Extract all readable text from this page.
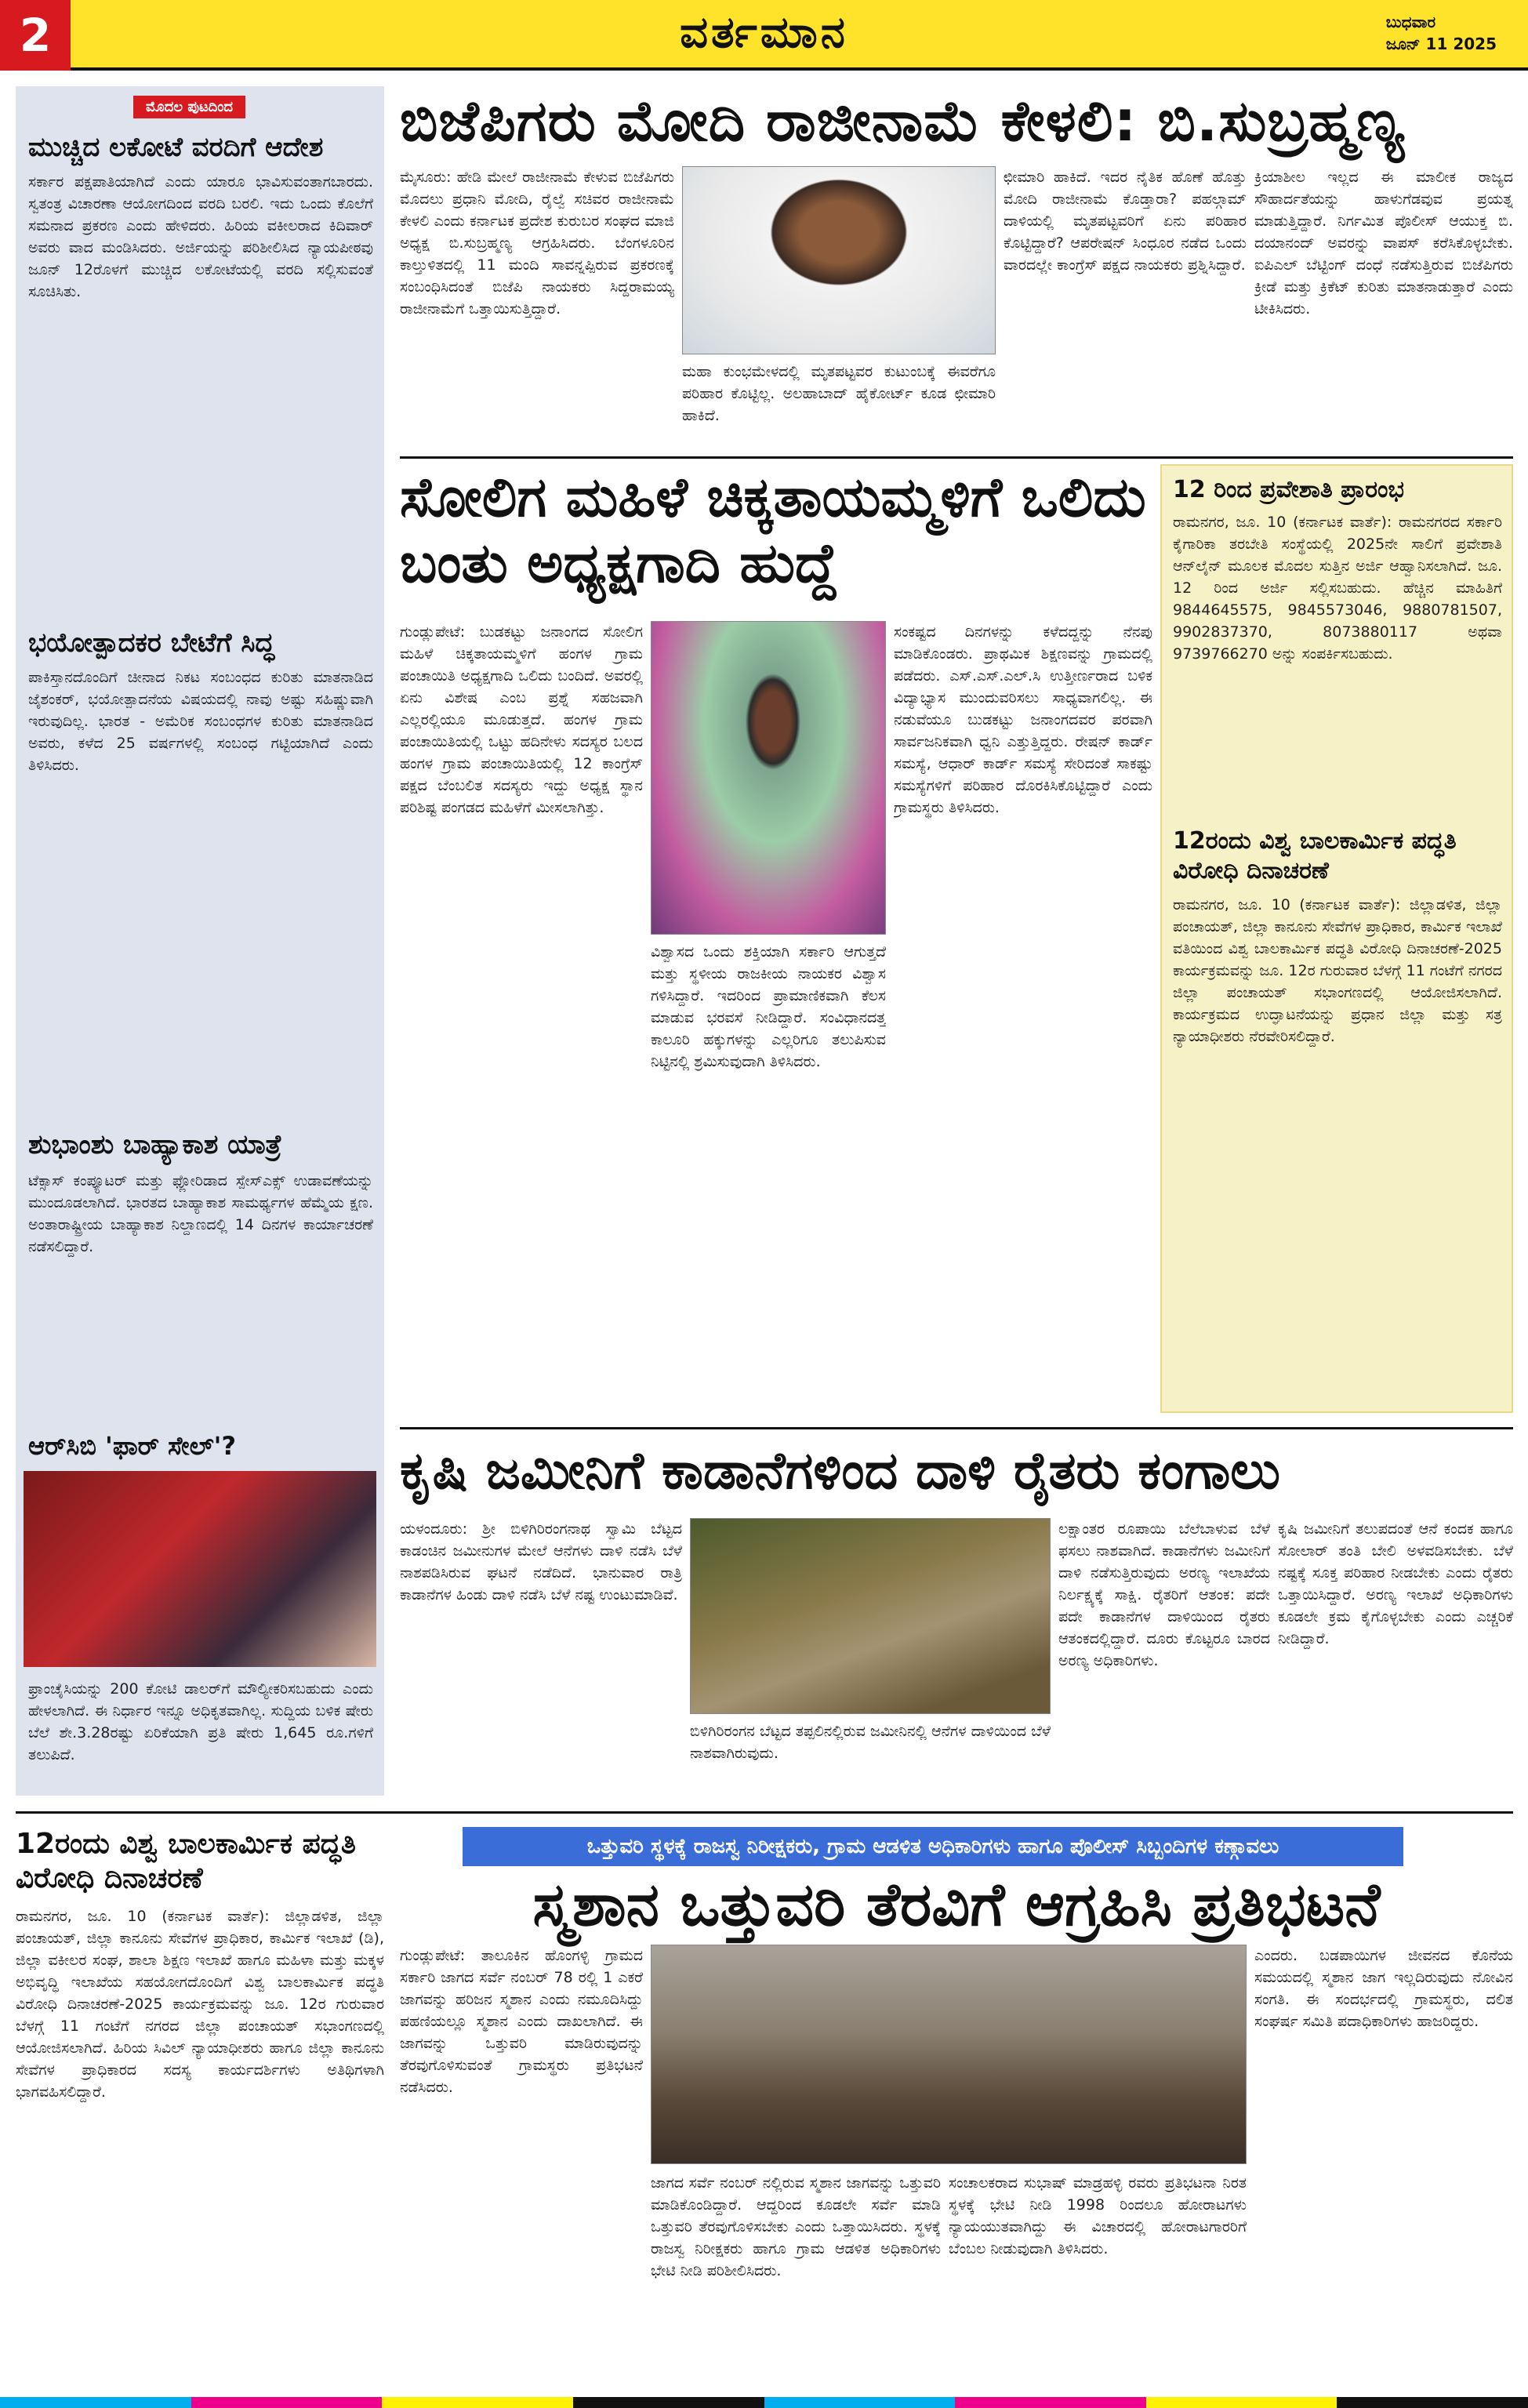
2	ವರ್ತಮಾನ	ಬುಧವಾರ
ಜೂನ್ 11 2025
ಮೊದಲ ಪುಟದಿಂದ
ಮುಚ್ಚಿದ ಲಕೋಟೆ ವರದಿಗೆ ಆದೇಶ
ಸರ್ಕಾರ ಪಕ್ಷಪಾತಿಯಾಗಿದೆ ಎಂದು ಯಾರೂ ಭಾವಿಸುವಂತಾಗಬಾರದು. ಸ್ವತಂತ್ರ ವಿಚಾರಣಾ ಆಯೋಗದಿಂದ ವರದಿ ಬರಲಿ. ಇದು ಒಂದು ಕೊಲೆಗೆ ಸಮನಾದ ಪ್ರಕರಣ ಎಂದು ಹೇಳಿದರು. ಹಿರಿಯ ವಕೀಲರಾದ ಕಿದಿವಾರ್ ಅವರು ವಾದ ಮಂಡಿಸಿದರು. ಅರ್ಜಿಯನ್ನು ಪರಿಶೀಲಿಸಿದ ನ್ಯಾಯಪೀಠವು ಜೂನ್ 12ರೊಳಗೆ ಮುಚ್ಚಿದ ಲಕೋಟೆಯಲ್ಲಿ ವರದಿ ಸಲ್ಲಿಸುವಂತೆ ಸೂಚಿಸಿತು.
ಭಯೋತ್ಪಾದಕರ ಬೇಟೆಗೆ ಸಿದ್ಧ
ಪಾಕಿಸ್ತಾನದೊಂದಿಗೆ ಚೀನಾದ ನಿಕಟ ಸಂಬಂಧದ ಕುರಿತು ಮಾತನಾಡಿದ ಜೈಶಂಕರ್, ಭಯೋತ್ಪಾದನೆಯ ವಿಷಯದಲ್ಲಿ ನಾವು ಅಷ್ಟು ಸಹಿಷ್ಣುವಾಗಿ ಇರುವುದಿಲ್ಲ. ಭಾರತ - ಅಮೆರಿಕ ಸಂಬಂಧಗಳ ಕುರಿತು ಮಾತನಾಡಿದ ಅವರು, ಕಳೆದ 25 ವರ್ಷಗಳಲ್ಲಿ ಸಂಬಂಧ ಗಟ್ಟಿಯಾಗಿದೆ ಎಂದು ತಿಳಿಸಿದರು.
ಶುಭಾಂಶು ಬಾಹ್ಯಾಕಾಶ ಯಾತ್ರೆ
ಟೆಕ್ಸಾಸ್ ಕಂಪ್ಯೂಟರ್ ಮತ್ತು ಫ್ಲೋರಿಡಾದ ಸ್ಪೇಸ್‌ಎಕ್ಸ್ ಉಡಾವಣೆಯನ್ನು ಮುಂದೂಡಲಾಗಿದೆ. ಭಾರತದ ಬಾಹ್ಯಾಕಾಶ ಸಾಮರ್ಥ್ಯಗಳ ಹೆಮ್ಮೆಯ ಕ್ಷಣ. ಅಂತಾರಾಷ್ಟ್ರೀಯ ಬಾಹ್ಯಾಕಾಶ ನಿಲ್ದಾಣದಲ್ಲಿ 14 ದಿನಗಳ ಕಾರ್ಯಾಚರಣೆ ನಡೆಸಲಿದ್ದಾರೆ.
ಆರ್‌ಸಿಬಿ 'ಫಾರ್ ಸೇಲ್'?
ಫ್ರಾಂಚೈಸಿಯನ್ನು 200 ಕೋಟಿ ಡಾಲರ್‌ಗೆ ಮೌಲ್ಯೀಕರಿಸಬಹುದು ಎಂದು ಹೇಳಲಾಗಿದೆ. ಈ ನಿರ್ಧಾರ ಇನ್ನೂ ಅಧಿಕೃತವಾಗಿಲ್ಲ. ಸುದ್ದಿಯ ಬಳಿಕ ಷೇರು ಬೆಲೆ ಶೇ.3.28ರಷ್ಟು ಏರಿಕೆಯಾಗಿ ಪ್ರತಿ ಷೇರು 1,645 ರೂ.ಗಳಿಗೆ ತಲುಪಿದೆ.
ಬಿಜೆಪಿಗರು ಮೋದಿ ರಾಜೀನಾಮೆ ಕೇಳಲಿ: ಬಿ.ಸುಬ್ರಹ್ಮಣ್ಯ
ಮೈಸೂರು: ಹೇಡಿ ಮೇಲೆ ರಾಜೀನಾಮೆ ಕೇಳುವ ಬಿಜೆಪಿಗರು ಮೊದಲು ಪ್ರಧಾನಿ ಮೋದಿ, ರೈಲ್ವೆ ಸಚಿವರ ರಾಜೀನಾಮೆ ಕೇಳಲಿ ಎಂದು ಕರ್ನಾಟಕ ಪ್ರದೇಶ ಕುರುಬರ ಸಂಘದ ಮಾಜಿ ಅಧ್ಯಕ್ಷ ಬಿ.ಸುಬ್ರಹ್ಮಣ್ಯ ಆಗ್ರಹಿಸಿದರು. ಬೆಂಗಳೂರಿನ ಕಾಲ್ತುಳಿತದಲ್ಲಿ 11 ಮಂದಿ ಸಾವನ್ನಪ್ಪಿರುವ ಪ್ರಕರಣಕ್ಕೆ ಸಂಬಂಧಿಸಿದಂತೆ ಬಿಜೆಪಿ ನಾಯಕರು ಸಿದ್ದರಾಮಯ್ಯ ರಾಜೀನಾಮೆಗೆ ಒತ್ತಾಯಿಸುತ್ತಿದ್ದಾರೆ.
ಮಹಾ ಕುಂಭಮೇಳದಲ್ಲಿ ಮೃತಪಟ್ಟವರ ಕುಟುಂಬಕ್ಕೆ ಈವರೆಗೂ ಪರಿಹಾರ ಕೊಟ್ಟಿಲ್ಲ. ಅಲಹಾಬಾದ್ ಹೈಕೋರ್ಟ್ ಕೂಡ ಛೀಮಾರಿ ಹಾಕಿದೆ.
ಛೀಮಾರಿ ಹಾಕಿದೆ. ಇದರ ನೈತಿಕ ಹೊಣೆ ಹೊತ್ತು ಮೋದಿ ರಾಜೀನಾಮೆ ಕೊಡ್ತಾರಾ? ಪಹಲ್ಗಾಮ್ ದಾಳಿಯಲ್ಲಿ ಮೃತಪಟ್ಟವರಿಗೆ ಏನು ಪರಿಹಾರ ಕೊಟ್ಟಿದ್ದಾರೆ? ಆಪರೇಷನ್ ಸಿಂಧೂರ ನಡೆದ ಒಂದು ವಾರದಲ್ಲೇ ಕಾಂಗ್ರೆಸ್ ಪಕ್ಷದ ನಾಯಕರು ಪ್ರಶ್ನಿಸಿದ್ದಾರೆ.
ಕ್ರಿಯಾಶೀಲ ಇಲ್ಲದ ಈ ಮಾಲೀಕ ರಾಜ್ಯದ ಸೌಹಾರ್ದತೆಯನ್ನು ಹಾಳುಗೆಡವುವ ಪ್ರಯತ್ನ ಮಾಡುತ್ತಿದ್ದಾರೆ. ನಿರ್ಗಮಿತ ಪೊಲೀಸ್ ಆಯುಕ್ತ ಬಿ. ದಯಾನಂದ್ ಅವರನ್ನು ವಾಪಸ್ ಕರೆಸಿಕೊಳ್ಳಬೇಕು. ಐಪಿಎಲ್ ಬೆಟ್ಟಿಂಗ್ ದಂಧೆ ನಡೆಸುತ್ತಿರುವ ಬಿಜೆಪಿಗರು ಕ್ರೀಡೆ ಮತ್ತು ಕ್ರಿಕೆಟ್ ಕುರಿತು ಮಾತನಾಡುತ್ತಾರೆ ಎಂದು ಟೀಕಿಸಿದರು.
ಸೋಲಿಗ ಮಹಿಳೆ ಚಿಕ್ಕತಾಯಮ್ಮಳಿಗೆ ಒಲಿದು ಬಂತು ಅಧ್ಯಕ್ಷಗಾದಿ ಹುದ್ದೆ
ಗುಂಡ್ಲುಪೇಟೆ: ಬುಡಕಟ್ಟು ಜನಾಂಗದ ಸೋಲಿಗ ಮಹಿಳೆ ಚಿಕ್ಕತಾಯಮ್ಮಳಿಗೆ ಹಂಗಳ ಗ್ರಾಮ ಪಂಚಾಯಿತಿ ಅಧ್ಯಕ್ಷಗಾದಿ ಒಲಿದು ಬಂದಿದೆ. ಅವರಲ್ಲಿ ಏನು ವಿಶೇಷ ಎಂಬ ಪ್ರಶ್ನೆ ಸಹಜವಾಗಿ ಎಲ್ಲರಲ್ಲಿಯೂ ಮೂಡುತ್ತದೆ. ಹಂಗಳ ಗ್ರಾಮ ಪಂಚಾಯಿತಿಯಲ್ಲಿ ಒಟ್ಟು ಹದಿನೇಳು ಸದಸ್ಯರ ಬಲದ ಹಂಗಳ ಗ್ರಾಮ ಪಂಚಾಯಿತಿಯಲ್ಲಿ 12 ಕಾಂಗ್ರೆಸ್ ಪಕ್ಷದ ಬೆಂಬಲಿತ ಸದಸ್ಯರು ಇದ್ದು ಅಧ್ಯಕ್ಷ ಸ್ಥಾನ ಪರಿಶಿಷ್ಟ ಪಂಗಡದ ಮಹಿಳೆಗೆ ಮೀಸಲಾಗಿತ್ತು.
ವಿಶ್ವಾಸದ ಒಂದು ಶಕ್ತಿಯಾಗಿ ಸರ್ಕಾರಿ ಆಗುತ್ತದೆ ಮತ್ತು ಸ್ಥಳೀಯ ರಾಜಕೀಯ ನಾಯಕರ ವಿಶ್ವಾಸ ಗಳಿಸಿದ್ದಾರೆ. ಇದರಿಂದ ಪ್ರಾಮಾಣಿಕವಾಗಿ ಕೆಲಸ ಮಾಡುವ ಭರವಸೆ ನೀಡಿದ್ದಾರೆ. ಸಂವಿಧಾನದತ್ತ ಕಾಲೂರಿ ಹಕ್ಕುಗಳನ್ನು ಎಲ್ಲರಿಗೂ ತಲುಪಿಸುವ ನಿಟ್ಟಿನಲ್ಲಿ ಶ್ರಮಿಸುವುದಾಗಿ ತಿಳಿಸಿದರು.
ಸಂಕಷ್ಟದ ದಿನಗಳನ್ನು ಕಳೆದದ್ದನ್ನು ನೆನಪು ಮಾಡಿಕೊಂಡರು. ಪ್ರಾಥಮಿಕ ಶಿಕ್ಷಣವನ್ನು ಗ್ರಾಮದಲ್ಲಿ ಪಡೆದರು. ಎಸ್.ಎಸ್.ಎಲ್.ಸಿ ಉತ್ತೀರ್ಣರಾದ ಬಳಿಕ ವಿದ್ಯಾಭ್ಯಾಸ ಮುಂದುವರಿಸಲು ಸಾಧ್ಯವಾಗಲಿಲ್ಲ. ಈ ನಡುವೆಯೂ ಬುಡಕಟ್ಟು ಜನಾಂಗದವರ ಪರವಾಗಿ ಸಾರ್ವಜನಿಕವಾಗಿ ಧ್ವನಿ ಎತ್ತುತ್ತಿದ್ದರು. ರೇಷನ್ ಕಾರ್ಡ್ ಸಮಸ್ಯೆ, ಆಧಾರ್ ಕಾರ್ಡ್ ಸಮಸ್ಯೆ ಸೇರಿದಂತೆ ಸಾಕಷ್ಟು ಸಮಸ್ಯೆಗಳಿಗೆ ಪರಿಹಾರ ದೊರಕಿಸಿಕೊಟ್ಟಿದ್ದಾರೆ ಎಂದು ಗ್ರಾಮಸ್ಥರು ತಿಳಿಸಿದರು.
12 ರಿಂದ ಪ್ರವೇಶಾತಿ ಪ್ರಾರಂಭ
ರಾಮನಗರ, ಜೂ. 10 (ಕರ್ನಾಟಕ ವಾರ್ತೆ): ರಾಮನಗರದ ಸರ್ಕಾರಿ ಕೈಗಾರಿಕಾ ತರಬೇತಿ ಸಂಸ್ಥೆಯಲ್ಲಿ 2025ನೇ ಸಾಲಿಗೆ ಪ್ರವೇಶಾತಿ ಆನ್‌ಲೈನ್ ಮೂಲಕ ಮೊದಲ ಸುತ್ತಿನ ಅರ್ಜಿ ಆಹ್ವಾನಿಸಲಾಗಿದೆ. ಜೂ. 12 ರಿಂದ ಅರ್ಜಿ ಸಲ್ಲಿಸಬಹುದು. ಹೆಚ್ಚಿನ ಮಾಹಿತಿಗೆ 9844645575, 9845573046, 9880781507, 9902837370, 8073880117 ಅಥವಾ 9739766270 ಅನ್ನು ಸಂಪರ್ಕಿಸಬಹುದು.
12ರಂದು ವಿಶ್ವ ಬಾಲಕಾರ್ಮಿಕ ಪದ್ಧತಿ ವಿರೋಧಿ ದಿನಾಚರಣೆ
ರಾಮನಗರ, ಜೂ. 10 (ಕರ್ನಾಟಕ ವಾರ್ತೆ): ಜಿಲ್ಲಾಡಳಿತ, ಜಿಲ್ಲಾ ಪಂಚಾಯತ್, ಜಿಲ್ಲಾ ಕಾನೂನು ಸೇವೆಗಳ ಪ್ರಾಧಿಕಾರ, ಕಾರ್ಮಿಕ ಇಲಾಖೆ ವತಿಯಿಂದ ವಿಶ್ವ ಬಾಲಕಾರ್ಮಿಕ ಪದ್ಧತಿ ವಿರೋಧಿ ದಿನಾಚರಣೆ-2025 ಕಾರ್ಯಕ್ರಮವನ್ನು ಜೂ. 12ರ ಗುರುವಾರ ಬೆಳಗ್ಗೆ 11 ಗಂಟೆಗೆ ನಗರದ ಜಿಲ್ಲಾ ಪಂಚಾಯತ್ ಸಭಾಂಗಣದಲ್ಲಿ ಆಯೋಜಿಸಲಾಗಿದೆ. ಕಾರ್ಯಕ್ರಮದ ಉದ್ಘಾಟನೆಯನ್ನು ಪ್ರಧಾನ ಜಿಲ್ಲಾ ಮತ್ತು ಸತ್ರ ನ್ಯಾಯಾಧೀಶರು ನೆರವೇರಿಸಲಿದ್ದಾರೆ.
ಕೃಷಿ ಜಮೀನಿಗೆ ಕಾಡಾನೆಗಳಿಂದ ದಾಳಿ ರೈತರು ಕಂಗಾಲು
ಯಳಂದೂರು: ಶ್ರೀ ಬಿಳಿಗಿರಿರಂಗನಾಥ ಸ್ವಾಮಿ ಬೆಟ್ಟದ ಕಾಡಂಚಿನ ಜಮೀನುಗಳ ಮೇಲೆ ಆನೆಗಳು ದಾಳಿ ನಡೆಸಿ ಬೆಳೆ ನಾಶಪಡಿಸಿರುವ ಘಟನೆ ನಡೆದಿದೆ. ಭಾನುವಾರ ರಾತ್ರಿ ಕಾಡಾನೆಗಳ ಹಿಂಡು ದಾಳಿ ನಡೆಸಿ ಬೆಳೆ ನಷ್ಟ ಉಂಟುಮಾಡಿವೆ.
ಬಿಳಿಗಿರಿರಂಗನ ಬೆಟ್ಟದ ತಪ್ಪಲಿನಲ್ಲಿರುವ ಜಮೀನಿನಲ್ಲಿ ಆನೆಗಳ ದಾಳಿಯಿಂದ ಬೆಳೆ ನಾಶವಾಗಿರುವುದು.
ಲಕ್ಷಾಂತರ ರೂಪಾಯಿ ಬೆಲೆಬಾಳುವ ಬೆಳೆ ಫಸಲು ನಾಶವಾಗಿದೆ. ಕಾಡಾನೆಗಳು ಜಮೀನಿಗೆ ದಾಳಿ ನಡೆಸುತ್ತಿರುವುದು ಅರಣ್ಯ ಇಲಾಖೆಯ ನಿರ್ಲಕ್ಷ್ಯಕ್ಕೆ ಸಾಕ್ಷಿ. ರೈತರಿಗೆ ಆತಂಕ: ಪದೇ ಪದೇ ಕಾಡಾನೆಗಳ ದಾಳಿಯಿಂದ ರೈತರು ಆತಂಕದಲ್ಲಿದ್ದಾರೆ. ದೂರು ಕೊಟ್ಟರೂ ಬಾರದ ಅರಣ್ಯ ಅಧಿಕಾರಿಗಳು.
ಕೃಷಿ ಜಮೀನಿಗೆ ತಲುಪದಂತೆ ಆನೆ ಕಂದಕ ಹಾಗೂ ಸೋಲಾರ್ ತಂತಿ ಬೇಲಿ ಅಳವಡಿಸಬೇಕು. ಬೆಳೆ ನಷ್ಟಕ್ಕೆ ಸೂಕ್ತ ಪರಿಹಾರ ನೀಡಬೇಕು ಎಂದು ರೈತರು ಒತ್ತಾಯಿಸಿದ್ದಾರೆ. ಅರಣ್ಯ ಇಲಾಖೆ ಅಧಿಕಾರಿಗಳು ಕೂಡಲೇ ಕ್ರಮ ಕೈಗೊಳ್ಳಬೇಕು ಎಂದು ಎಚ್ಚರಿಕೆ ನೀಡಿದ್ದಾರೆ.
12ರಂದು ವಿಶ್ವ ಬಾಲಕಾರ್ಮಿಕ ಪದ್ಧತಿ ವಿರೋಧಿ ದಿನಾಚರಣೆ
ರಾಮನಗರ, ಜೂ. 10 (ಕರ್ನಾಟಕ ವಾರ್ತೆ): ಜಿಲ್ಲಾಡಳಿತ, ಜಿಲ್ಲಾ ಪಂಚಾಯತ್, ಜಿಲ್ಲಾ ಕಾನೂನು ಸೇವೆಗಳ ಪ್ರಾಧಿಕಾರ, ಕಾರ್ಮಿಕ ಇಲಾಖೆ (ಡಿ), ಜಿಲ್ಲಾ ವಕೀಲರ ಸಂಘ, ಶಾಲಾ ಶಿಕ್ಷಣ ಇಲಾಖೆ ಹಾಗೂ ಮಹಿಳಾ ಮತ್ತು ಮಕ್ಕಳ ಅಭಿವೃದ್ಧಿ ಇಲಾಖೆಯ ಸಹಯೋಗದೊಂದಿಗೆ ವಿಶ್ವ ಬಾಲಕಾರ್ಮಿಕ ಪದ್ಧತಿ ವಿರೋಧಿ ದಿನಾಚರಣೆ-2025 ಕಾರ್ಯಕ್ರಮವನ್ನು ಜೂ. 12ರ ಗುರುವಾರ ಬೆಳಗ್ಗೆ 11 ಗಂಟೆಗೆ ನಗರದ ಜಿಲ್ಲಾ ಪಂಚಾಯತ್ ಸಭಾಂಗಣದಲ್ಲಿ ಆಯೋಜಿಸಲಾಗಿದೆ. ಹಿರಿಯ ಸಿವಿಲ್ ನ್ಯಾಯಾಧೀಶರು ಹಾಗೂ ಜಿಲ್ಲಾ ಕಾನೂನು ಸೇವೆಗಳ ಪ್ರಾಧಿಕಾರದ ಸದಸ್ಯ ಕಾರ್ಯದರ್ಶಿಗಳು ಅತಿಥಿಗಳಾಗಿ ಭಾಗವಹಿಸಲಿದ್ದಾರೆ.
ಒತ್ತುವರಿ ಸ್ಥಳಕ್ಕೆ ರಾಜಸ್ವ ನಿರೀಕ್ಷಕರು, ಗ್ರಾಮ ಆಡಳಿತ ಅಧಿಕಾರಿಗಳು ಹಾಗೂ ಪೊಲೀಸ್ ಸಿಬ್ಬಂದಿಗಳ ಕಣ್ಗಾವಲು
ಸ್ಮಶಾನ ಒತ್ತುವರಿ ತೆರವಿಗೆ ಆಗ್ರಹಿಸಿ ಪ್ರತಿಭಟನೆ
ಗುಂಡ್ಲುಪೇಟೆ: ತಾಲೂಕಿನ ಹೊಂಗಳ್ಳಿ ಗ್ರಾಮದ ಸರ್ಕಾರಿ ಜಾಗದ ಸರ್ವೆ ನಂಬರ್ 78 ರಲ್ಲಿ 1 ಎಕರೆ ಜಾಗವನ್ನು ಹರಿಜನ ಸ್ಮಶಾನ ಎಂದು ನಮೂದಿಸಿದ್ದು ಪಹಣಿಯಲ್ಲೂ ಸ್ಮಶಾನ ಎಂದು ದಾಖಲಾಗಿದೆ. ಈ ಜಾಗವನ್ನು ಒತ್ತುವರಿ ಮಾಡಿರುವುದನ್ನು ತೆರವುಗೊಳಿಸುವಂತೆ ಗ್ರಾಮಸ್ಥರು ಪ್ರತಿಭಟನೆ ನಡೆಸಿದರು.
ಜಾಗದ ಸರ್ವೆ ನಂಬರ್ ನಲ್ಲಿರುವ ಸ್ಮಶಾನ ಜಾಗವನ್ನು ಒತ್ತುವರಿ ಮಾಡಿಕೊಂಡಿದ್ದಾರೆ. ಆದ್ದರಿಂದ ಕೂಡಲೇ ಸರ್ವೆ ಮಾಡಿ ಒತ್ತುವರಿ ತೆರವುಗೊಳಿಸಬೇಕು ಎಂದು ಒತ್ತಾಯಿಸಿದರು. ಸ್ಥಳಕ್ಕೆ ರಾಜಸ್ವ ನಿರೀಕ್ಷಕರು ಹಾಗೂ ಗ್ರಾಮ ಆಡಳಿತ ಅಧಿಕಾರಿಗಳು ಭೇಟಿ ನೀಡಿ ಪರಿಶೀಲಿಸಿದರು.
ಸಂಚಾಲಕರಾದ ಸುಭಾಷ್ ಮಾಡ್ರಹಳ್ಳಿ ರವರು ಪ್ರತಿಭಟನಾ ನಿರತ ಸ್ಥಳಕ್ಕೆ ಭೇಟಿ ನೀಡಿ 1998 ರಿಂದಲೂ ಹೋರಾಟಗಳು ನ್ಯಾಯಯುತವಾಗಿದ್ದು ಈ ವಿಚಾರದಲ್ಲಿ ಹೋರಾಟಗಾರರಿಗೆ ಬೆಂಬಲ ನೀಡುವುದಾಗಿ ತಿಳಿಸಿದರು.
ಎಂದರು. ಬಡಪಾಯಿಗಳ ಜೀವನದ ಕೊನೆಯ ಸಮಯದಲ್ಲಿ ಸ್ಮಶಾನ ಜಾಗ ಇಲ್ಲದಿರುವುದು ನೋವಿನ ಸಂಗತಿ. ಈ ಸಂದರ್ಭದಲ್ಲಿ ಗ್ರಾಮಸ್ಥರು, ದಲಿತ ಸಂಘರ್ಷ ಸಮಿತಿ ಪದಾಧಿಕಾರಿಗಳು ಹಾಜರಿದ್ದರು.
